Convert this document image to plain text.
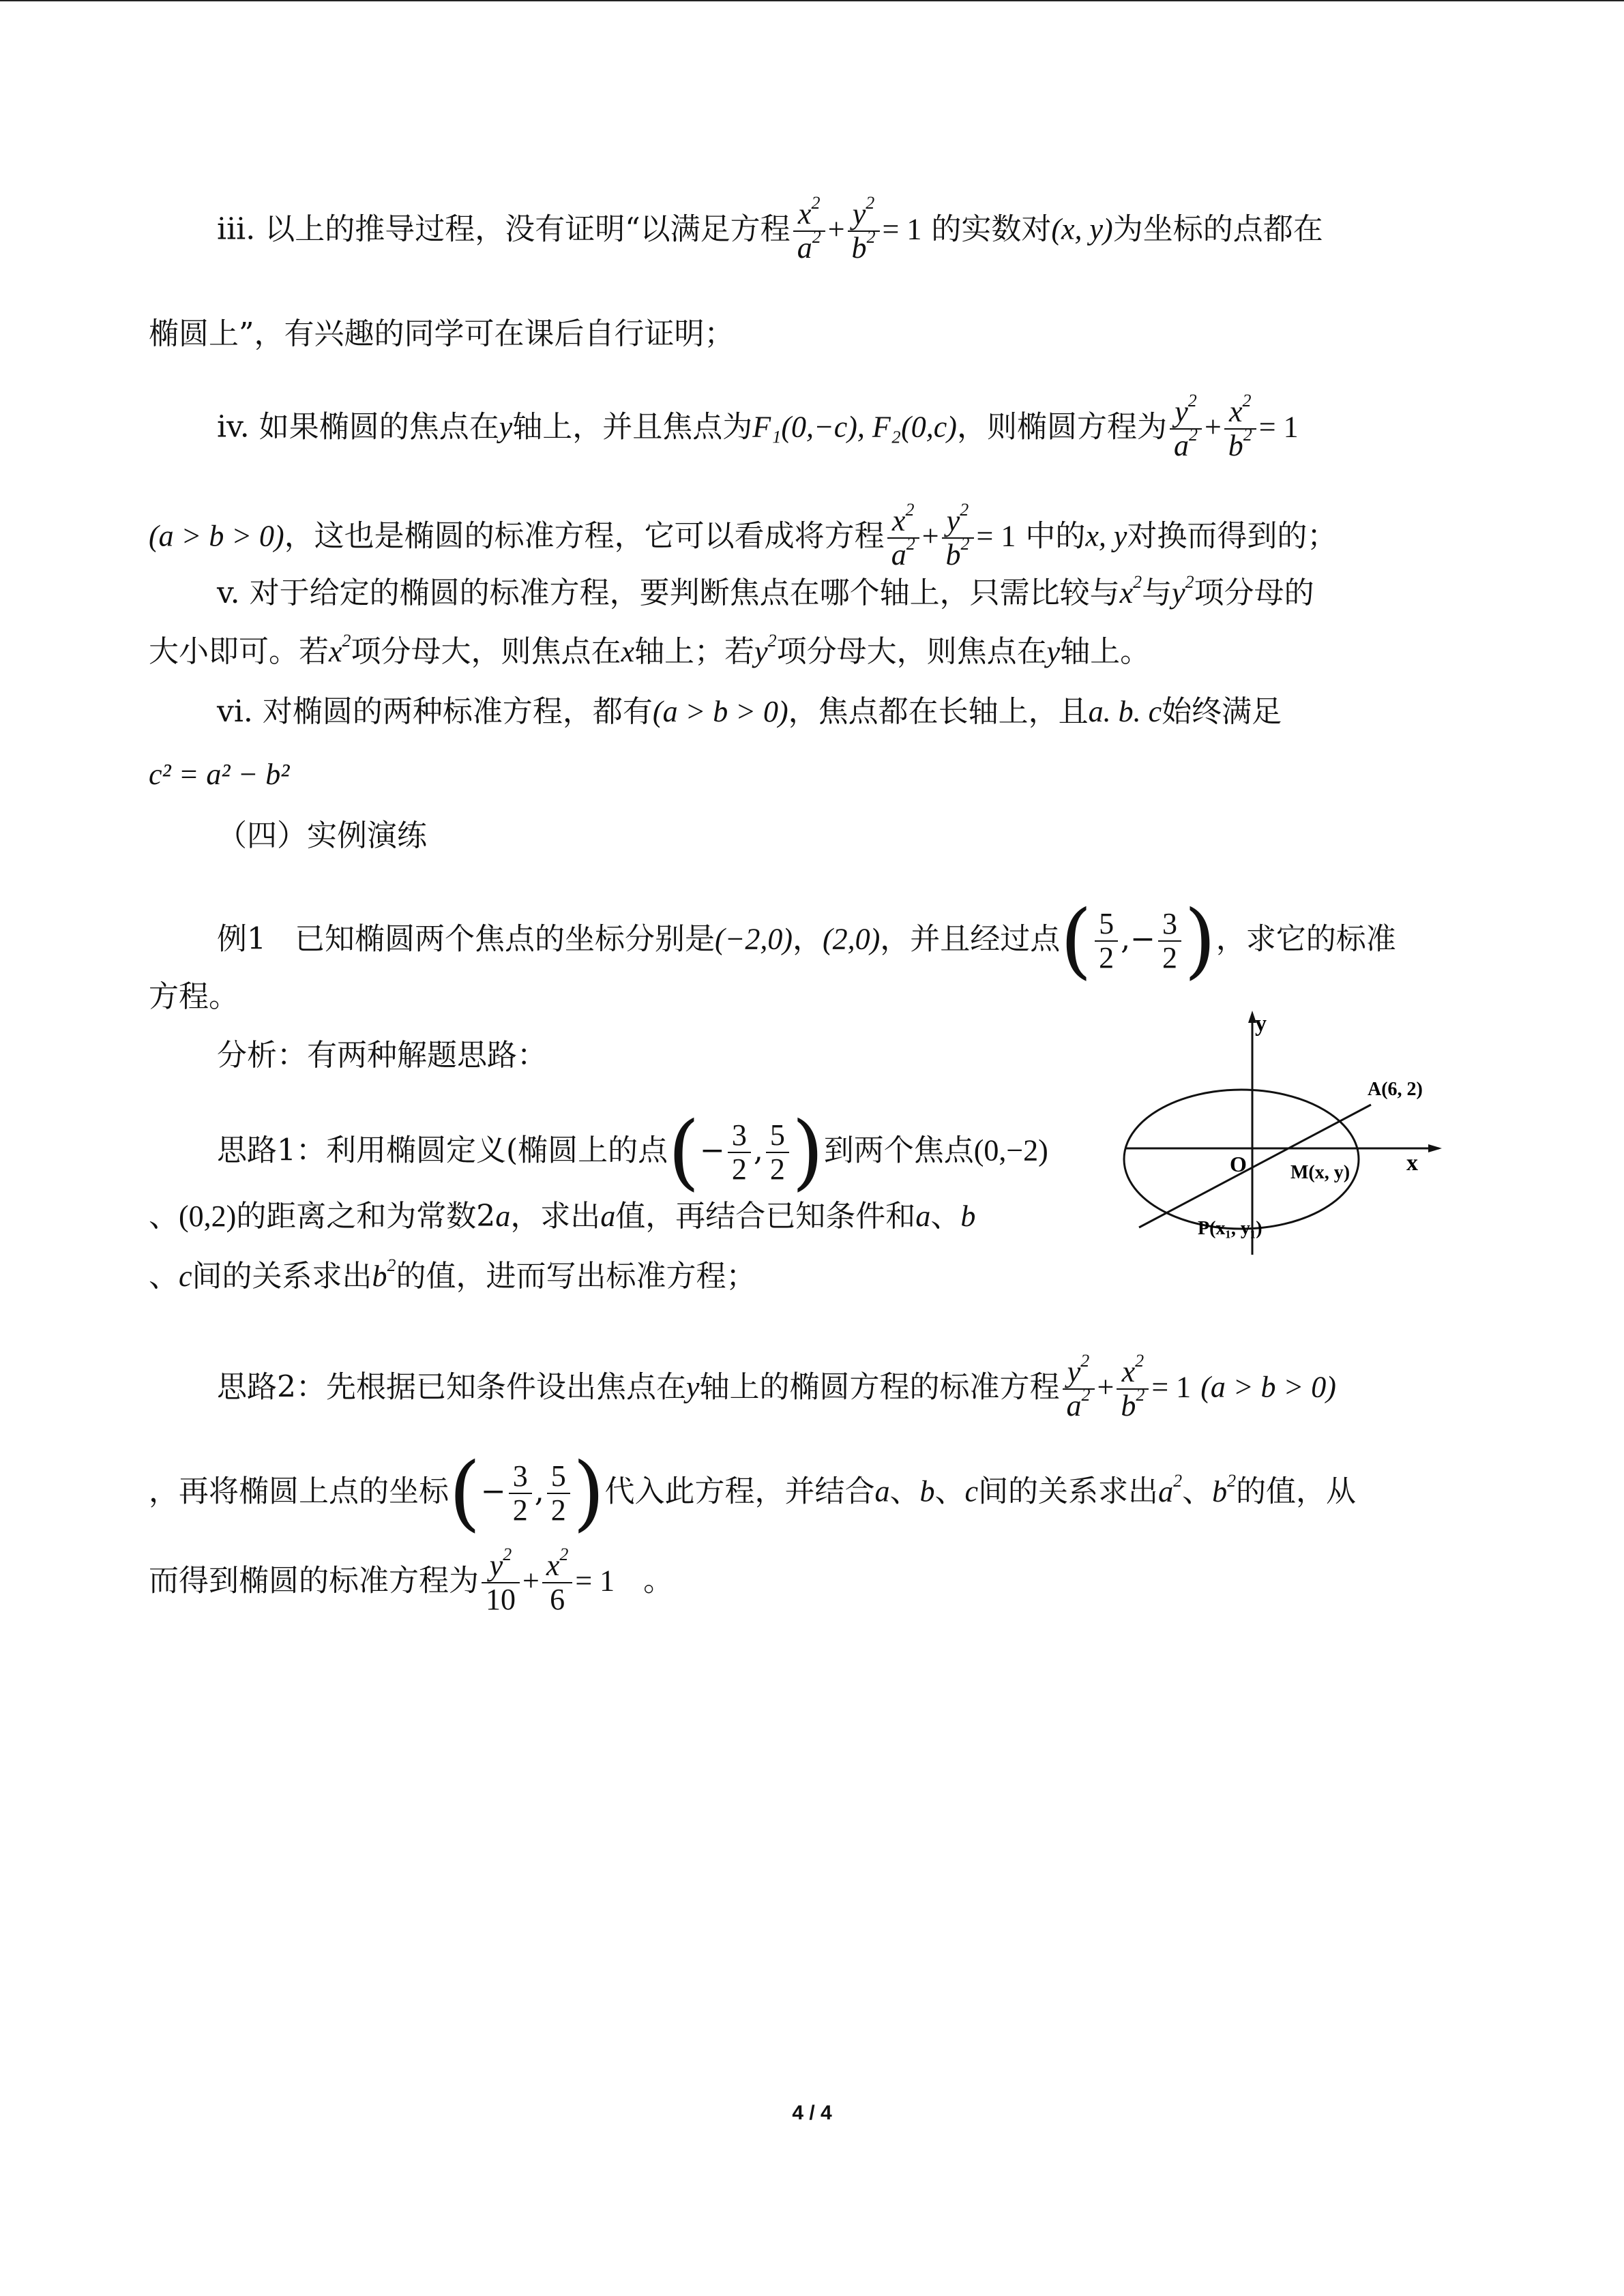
iii. 以上的推导过程，没有证明“以满足方程 $\frac{x^2}{a^2} + \frac{y^2}{b^2} = 1$ 的实数对(x, y)为坐标的点都在
椭圆上”，有兴趣的同学可在课后自行证明；
iv. 如果椭圆的焦点在y轴上，并且焦点为F₁(0,−c), F₂(0,c)，则椭圆方程为 $\frac{y^2}{a^2} + \frac{x^2}{b^2} = 1$
(a > b > 0)，这也是椭圆的标准方程，它可以看成将方程 $\frac{x^2}{a^2} + \frac{y^2}{b^2} = 1$ 中的x, y对换而得到的；
v. 对于给定的椭圆的标准方程，要判断焦点在哪个轴上，只需比较与$x^2$与$y^2$项分母的
大小即可。若$x^2$项分母大，则焦点在x轴上；若$y^2$项分母大，则焦点在y轴上。
vi. 对椭圆的两种标准方程，都有(a > b > 0)，焦点都在长轴上，且a. b. c始终满足
c² = a² − b²
（四）实例演练
例1 已知椭圆两个焦点的坐标分别是(−2,0)，(2,0)，并且经过点( $\frac{5}{2}$ ,− $\frac{3}{2}$ )，求它的标准
方程。
分析：有两种解题思路：
思路1：利用椭圆定义(椭圆上的点(− $\frac{3}{2}$ , $\frac{5}{2}$ )到两个焦点(0,−2)
、(0,2)的距离之和为常数2a，求出a值，再结合已知条件和a、b
、c间的关系求出$b^2$的值，进而写出标准方程；
y
x
O
A(6, 2)
M(x, y)
P(x₁, y₁)
思路2：先根据已知条件设出焦点在y轴上的椭圆方程的标准方程 $\frac{y^2}{a^2} + \frac{x^2}{b^2} = 1$ (a > b > 0)
，再将椭圆上点的坐标(− $\frac{3}{2}$ , $\frac{5}{2}$ )代入此方程，并结合a、b、c间的关系求出$a^2$、$b^2$的值，从
而得到椭圆的标准方程为 $\frac{y^2}{10} + \frac{x^2}{6} = 1$ 。
4 / 4
